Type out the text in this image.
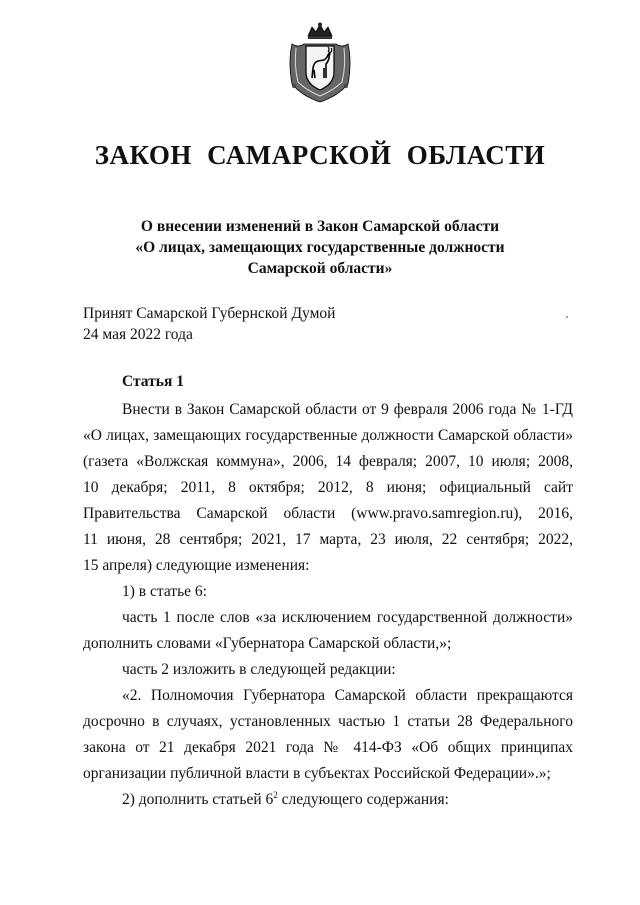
ЗАКОН САМАРСКОЙ ОБЛАСТИ
О внесении изменений в Закон Самарской области
«О лицах, замещающих государственные должности
Самарской области»
Принят Самарской Губернской Думой
24 мая 2022 года
Статья 1
Внести в Закон Самарской области от 9 февраля 2006 года № 1-ГД
«О лицах, замещающих государственные должности Самарской области»
(газета «Волжская коммуна», 2006, 14 февраля; 2007, 10 июля; 2008,
10 декабря; 2011, 8 октября; 2012, 8 июня; официальный сайт
Правительства Самарской области (www.pravo.samregion.ru), 2016,
11 июня, 28 сентября; 2021, 17 марта, 23 июля, 22 сентября; 2022,
15 апреля) следующие изменения:
1) в статье 6:
часть 1 после слов «за исключением государственной должности»
дополнить словами «Губернатора Самарской области,»;
часть 2 изложить в следующей редакции:
«2. Полномочия Губернатора Самарской области прекращаются
досрочно в случаях, установленных частью 1 статьи 28 Федерального
закона от 21 декабря 2021 года № 414-ФЗ «Об общих принципах
организации публичной власти в субъектах Российской Федерации».»;
2) дополнить статьей $6^2$ следующего содержания:
